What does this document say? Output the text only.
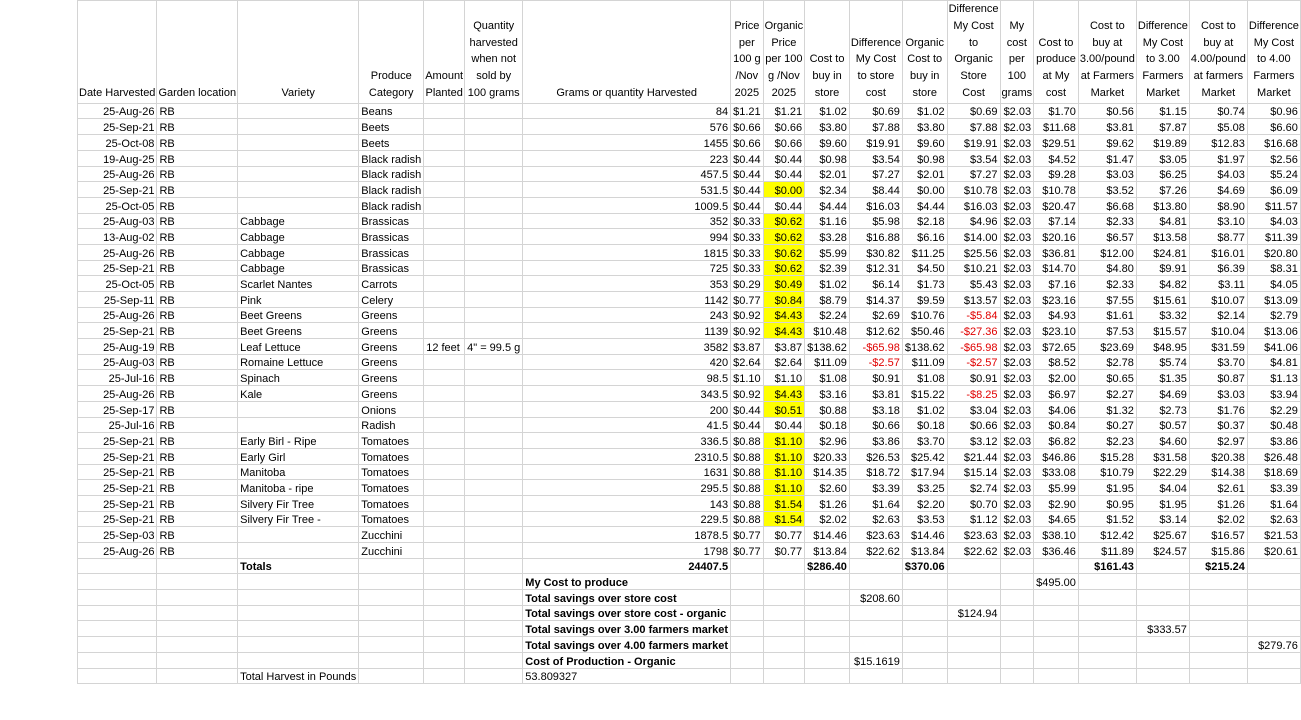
Date Harvested	Garden location	Variety	Produce Category	Amount Planted	Quantity harvested when not sold by 100 grams	Grams or quantity Harvested	Price per 100 g /Nov 2025	Organic Price per 100 g /Nov 2025	Cost to buy in store	Difference My Cost to store cost	Organic Cost to buy in store	Difference My Cost to Organic Store Cost	My cost per 100 grams	Cost to produce at My cost	Cost to buy at 3.00/pound at Farmers Market	Difference My Cost to 3.00 Farmers Market	Cost to buy at 4.00/pound at farmers Market	Difference My Cost to 4.00 Farmers Market
25-Aug-26	RB		Beans			84	$1.21	$1.21	$1.02	$0.69	$1.02	$0.69	$2.03	$1.70	$0.56	$1.15	$0.74	$0.96
25-Sep-21	RB		Beets			576	$0.66	$0.66	$3.80	$7.88	$3.80	$7.88	$2.03	$11.68	$3.81	$7.87	$5.08	$6.60
25-Oct-08	RB		Beets			1455	$0.66	$0.66	$9.60	$19.91	$9.60	$19.91	$2.03	$29.51	$9.62	$19.89	$12.83	$16.68
19-Aug-25	RB		Black radish			223	$0.44	$0.44	$0.98	$3.54	$0.98	$3.54	$2.03	$4.52	$1.47	$3.05	$1.97	$2.56
25-Aug-26	RB		Black radish			457.5	$0.44	$0.44	$2.01	$7.27	$2.01	$7.27	$2.03	$9.28	$3.03	$6.25	$4.03	$5.24
25-Sep-21	RB		Black radish			531.5	$0.44	$0.00	$2.34	$8.44	$0.00	$10.78	$2.03	$10.78	$3.52	$7.26	$4.69	$6.09
25-Oct-05	RB		Black radish			1009.5	$0.44	$0.44	$4.44	$16.03	$4.44	$16.03	$2.03	$20.47	$6.68	$13.80	$8.90	$11.57
25-Aug-03	RB	Cabbage	Brassicas			352	$0.33	$0.62	$1.16	$5.98	$2.18	$4.96	$2.03	$7.14	$2.33	$4.81	$3.10	$4.03
13-Aug-02	RB	Cabbage	Brassicas			994	$0.33	$0.62	$3.28	$16.88	$6.16	$14.00	$2.03	$20.16	$6.57	$13.58	$8.77	$11.39
25-Aug-26	RB	Cabbage	Brassicas			1815	$0.33	$0.62	$5.99	$30.82	$11.25	$25.56	$2.03	$36.81	$12.00	$24.81	$16.01	$20.80
25-Sep-21	RB	Cabbage	Brassicas			725	$0.33	$0.62	$2.39	$12.31	$4.50	$10.21	$2.03	$14.70	$4.80	$9.91	$6.39	$8.31
25-Oct-05	RB	Scarlet Nantes	Carrots			353	$0.29	$0.49	$1.02	$6.14	$1.73	$5.43	$2.03	$7.16	$2.33	$4.82	$3.11	$4.05
25-Sep-11	RB	Pink	Celery			1142	$0.77	$0.84	$8.79	$14.37	$9.59	$13.57	$2.03	$23.16	$7.55	$15.61	$10.07	$13.09
25-Aug-26	RB	Beet Greens	Greens			243	$0.92	$4.43	$2.24	$2.69	$10.76	-$5.84	$2.03	$4.93	$1.61	$3.32	$2.14	$2.79
25-Sep-21	RB	Beet Greens	Greens			1139	$0.92	$4.43	$10.48	$12.62	$50.46	-$27.36	$2.03	$23.10	$7.53	$15.57	$10.04	$13.06
25-Aug-19	RB	Leaf Lettuce	Greens	12 feet	4" = 99.5 g	3582	$3.87	$3.87	$138.62	-$65.98	$138.62	-$65.98	$2.03	$72.65	$23.69	$48.95	$31.59	$41.06
25-Aug-03	RB	Romaine Lettuce	Greens			420	$2.64	$2.64	$11.09	-$2.57	$11.09	-$2.57	$2.03	$8.52	$2.78	$5.74	$3.70	$4.81
25-Jul-16	RB	Spinach	Greens			98.5	$1.10	$1.10	$1.08	$0.91	$1.08	$0.91	$2.03	$2.00	$0.65	$1.35	$0.87	$1.13
25-Aug-26	RB	Kale	Greens			343.5	$0.92	$4.43	$3.16	$3.81	$15.22	-$8.25	$2.03	$6.97	$2.27	$4.69	$3.03	$3.94
25-Sep-17	RB		Onions			200	$0.44	$0.51	$0.88	$3.18	$1.02	$3.04	$2.03	$4.06	$1.32	$2.73	$1.76	$2.29
25-Jul-16	RB		Radish			41.5	$0.44	$0.44	$0.18	$0.66	$0.18	$0.66	$2.03	$0.84	$0.27	$0.57	$0.37	$0.48
25-Sep-21	RB	Early Birl - Ripe	Tomatoes			336.5	$0.88	$1.10	$2.96	$3.86	$3.70	$3.12	$2.03	$6.82	$2.23	$4.60	$2.97	$3.86
25-Sep-21	RB	Early Girl	Tomatoes			2310.5	$0.88	$1.10	$20.33	$26.53	$25.42	$21.44	$2.03	$46.86	$15.28	$31.58	$20.38	$26.48
25-Sep-21	RB	Manitoba	Tomatoes			1631	$0.88	$1.10	$14.35	$18.72	$17.94	$15.14	$2.03	$33.08	$10.79	$22.29	$14.38	$18.69
25-Sep-21	RB	Manitoba - ripe	Tomatoes			295.5	$0.88	$1.10	$2.60	$3.39	$3.25	$2.74	$2.03	$5.99	$1.95	$4.04	$2.61	$3.39
25-Sep-21	RB	Silvery Fir Tree	Tomatoes			143	$0.88	$1.54	$1.26	$1.64	$2.20	$0.70	$2.03	$2.90	$0.95	$1.95	$1.26	$1.64
25-Sep-21	RB	Silvery Fir Tree -	Tomatoes			229.5	$0.88	$1.54	$2.02	$2.63	$3.53	$1.12	$2.03	$4.65	$1.52	$3.14	$2.02	$2.63
25-Sep-03	RB		Zucchini			1878.5	$0.77	$0.77	$14.46	$23.63	$14.46	$23.63	$2.03	$38.10	$12.42	$25.67	$16.57	$21.53
25-Aug-26	RB		Zucchini			1798	$0.77	$0.77	$13.84	$22.62	$13.84	$22.62	$2.03	$36.46	$11.89	$24.57	$15.86	$20.61
		Totals				24407.5			$286.40		$370.06				$161.43		$215.24	
						My Cost to produce								$495.00				
						Total savings over store cost				$208.60								
						Total savings over store cost - organic						$124.94						
						Total savings over 3.00 farmers market										$333.57		
						Total savings over 4.00 farmers market												$279.76
						Cost of Production - Organic				$15.1619								
		Total Harvest in Pounds				53.809327												
